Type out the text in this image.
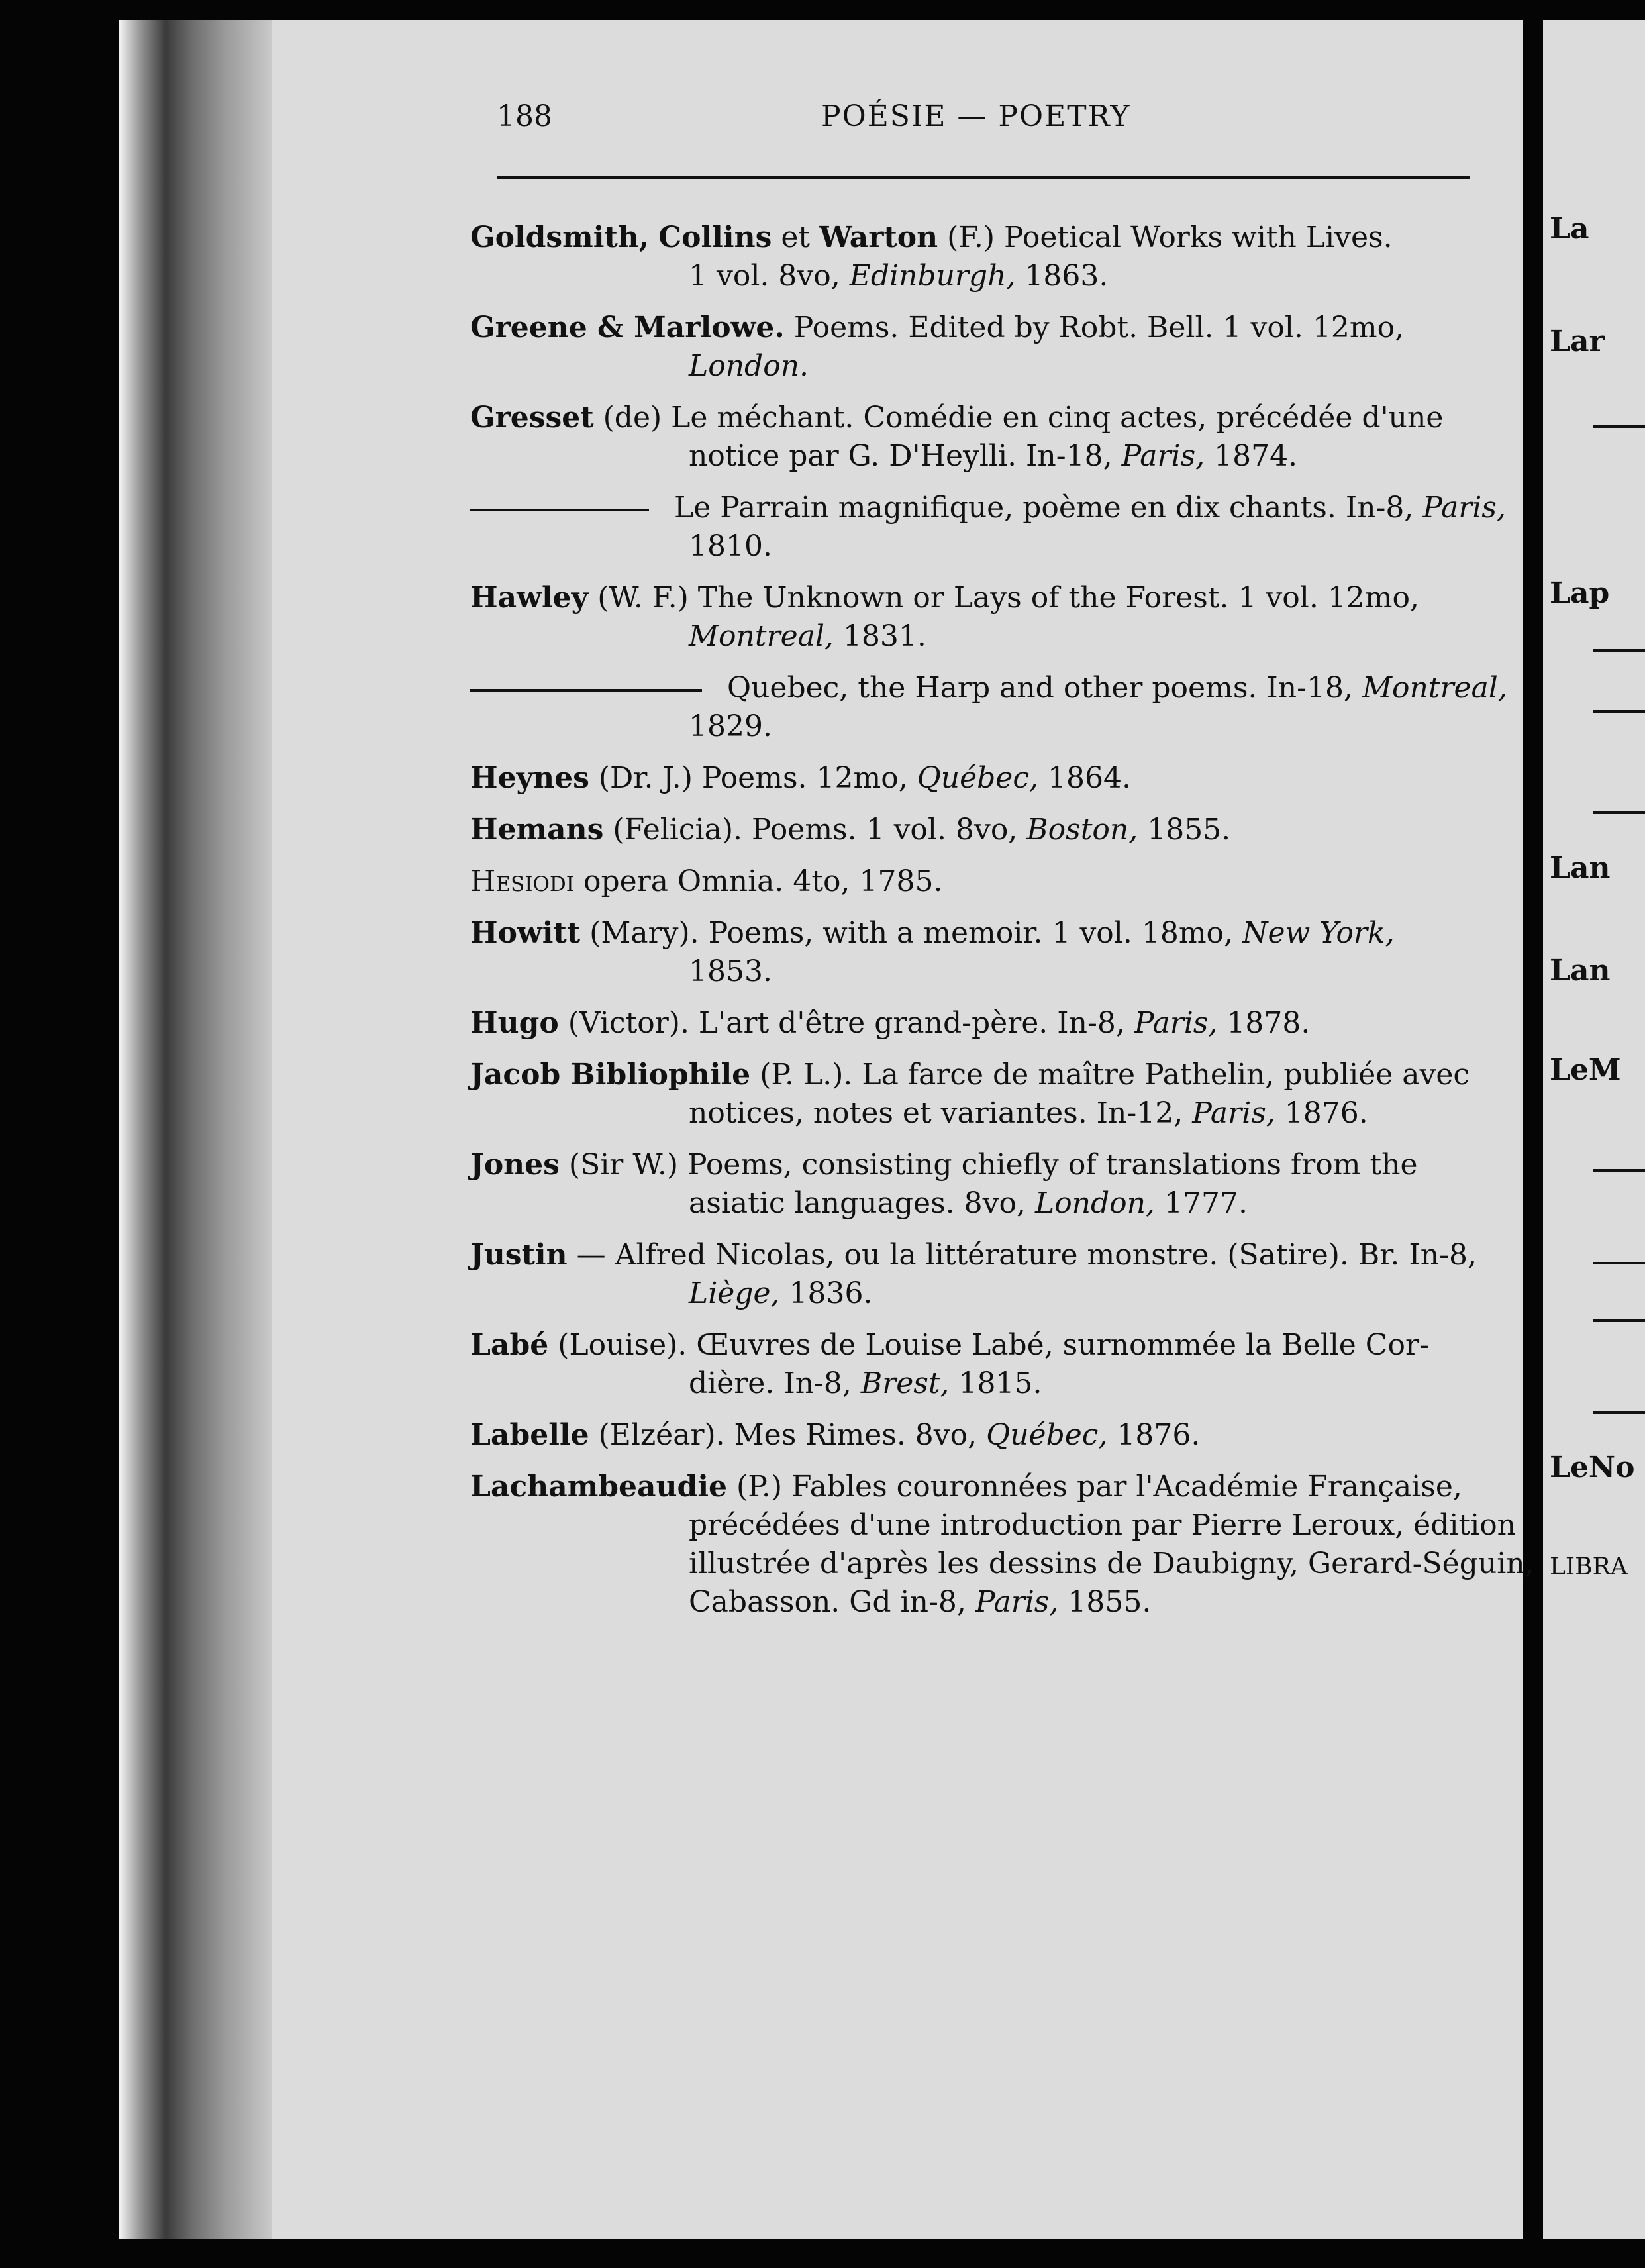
La
Lar
Lap
Lan
Lan
LeM
LeNo
LIBRA
188	POÉSIE — POETRY
Goldsmith, Collins et Warton (F.) Poetical Works with Lives.
1 vol. 8vo, Edinburgh, 1863.
Greene & Marlowe. Poems. Edited by Robt. Bell. 1 vol. 12mo,
London.
Gresset (de) Le méchant. Comédie en cinq actes, précédée d'une
notice par G. D'Heylli. In-18, Paris, 1874.
Le Parrain magnifique, poème en dix chants. In-8, Paris,
1810.
Hawley (W. F.) The Unknown or Lays of the Forest. 1 vol. 12mo,
Montreal, 1831.
Quebec, the Harp and other poems. In-18, Montreal,
1829.
Heynes (Dr. J.) Poems. 12mo, Québec, 1864.
Hemans (Felicia). Poems. 1 vol. 8vo, Boston, 1855.
Hesiodi opera Omnia. 4to, 1785.
Howitt (Mary). Poems, with a memoir. 1 vol. 18mo, New York,
1853.
Hugo (Victor). L'art d'être grand-père. In-8, Paris, 1878.
Jacob Bibliophile (P. L.). La farce de maître Pathelin, publiée avec
notices, notes et variantes. In-12, Paris, 1876.
Jones (Sir W.) Poems, consisting chiefly of translations from the
asiatic languages. 8vo, London, 1777.
Justin — Alfred Nicolas, ou la littérature monstre. (Satire). Br. In-8,
Liège, 1836.
Labé (Louise). Œuvres de Louise Labé, surnommée la Belle Cor-
dière. In-8, Brest, 1815.
Labelle (Elzéar). Mes Rimes. 8vo, Québec, 1876.
Lachambeaudie (P.) Fables couronnées par l'Académie Française,
précédées d'une introduction par Pierre Leroux, édition
illustrée d'après les dessins de Daubigny, Gerard-Séguin,
Cabasson. Gd in-8, Paris, 1855.
